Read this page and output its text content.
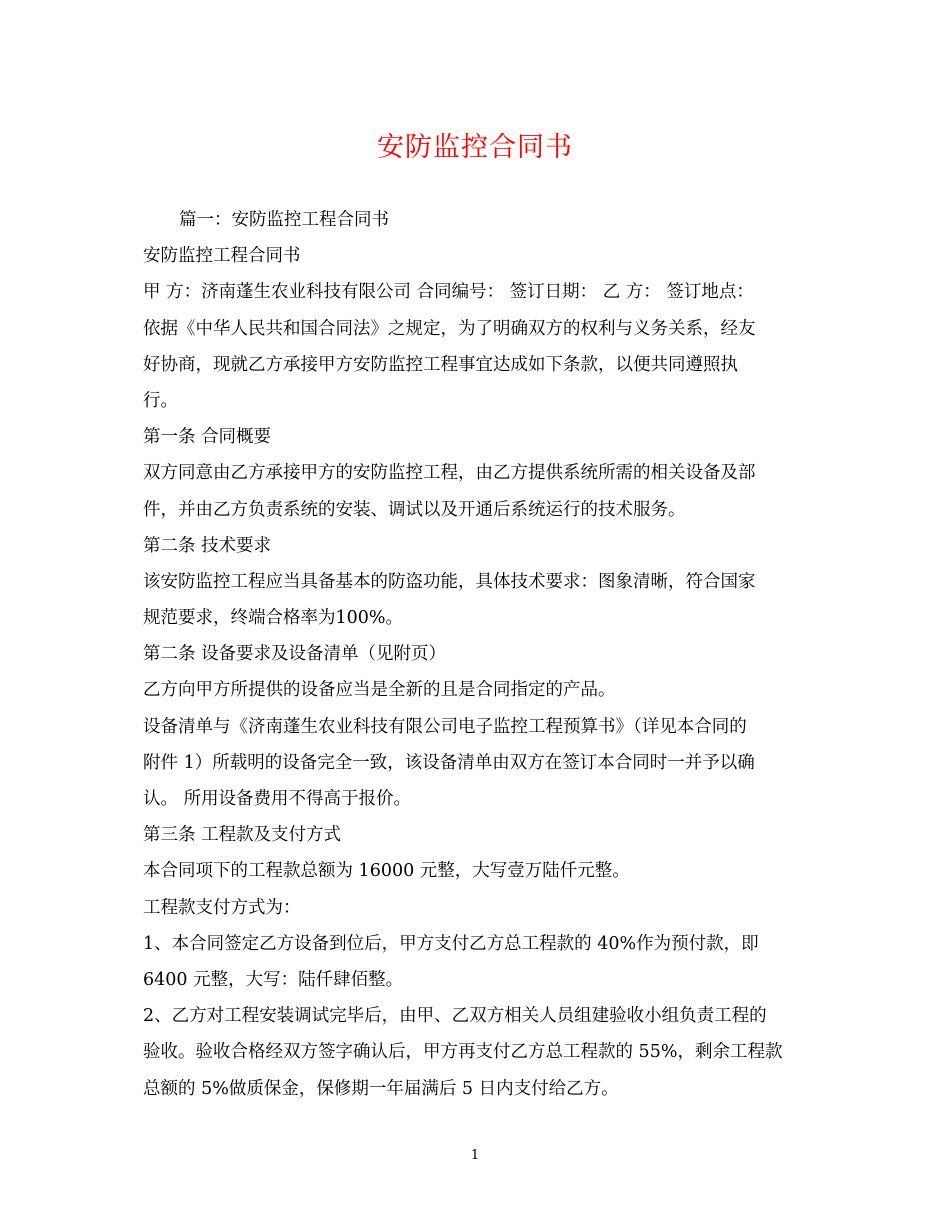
安防监控合同书
篇一：安防监控工程合同书
安防监控工程合同书
甲 方：济南蓬生农业科技有限公司 合同编号： 签订日期： 乙 方： 签订地点：
依据《中华人民共和国合同法》之规定，为了明确双方的权利与义务关系，经友
好协商，现就乙方承接甲方安防监控工程事宜达成如下条款，以便共同遵照执
行。
第一条 合同概要
双方同意由乙方承接甲方的安防监控工程，由乙方提供系统所需的相关设备及部
件，并由乙方负责系统的安装、调试以及开通后系统运行的技术服务。
第二条 技术要求
该安防监控工程应当具备基本的防盗功能，具体技术要求：图象清晰，符合国家
规范要求，终端合格率为100%。
第二条 设备要求及设备清单（见附页）
乙方向甲方所提供的设备应当是全新的且是合同指定的产品。
设备清单与《济南蓬生农业科技有限公司电子监控工程预算书》（详见本合同的
附件 1）所载明的设备完全一致，该设备清单由双方在签订本合同时一并予以确
认。 所用设备费用不得高于报价。
第三条 工程款及支付方式
本合同项下的工程款总额为 16000 元整，大写壹万陆仟元整。
工程款支付方式为：
1、本合同签定乙方设备到位后，甲方支付乙方总工程款的 40%作为预付款，即
6400 元整，大写：陆仟肆佰整。
2、乙方对工程安装调试完毕后，由甲、乙双方相关人员组建验收小组负责工程的
验收。验收合格经双方签字确认后，甲方再支付乙方总工程款的 55%，剩余工程款
总额的 5%做质保金，保修期一年届满后 5 日内支付给乙方。
1
